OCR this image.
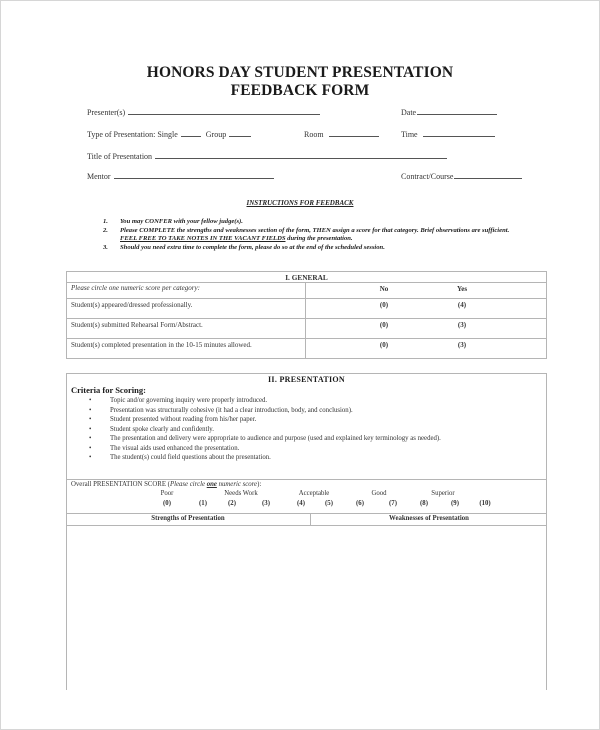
HONORS DAY STUDENT PRESENTATION
FEEDBACK FORM
Presenter(s)	Date
Type of Presentation: Single	Group	Room	Time
Title of Presentation
Mentor	Contract/Course
INSTRUCTIONS FOR FEEDBACK
1. You may CONFER with your fellow judge(s).
2. Please COMPLETE the strengths and weaknesses section of the form, THEN assign a score for that category. Brief observations are sufficient. FEEL FREE TO TAKE NOTES IN THE VACANT FIELDS during the presentation.
3. Should you need extra time to complete the form, please do so at the end of the scheduled session.
I. GENERAL	
Please circle one numeric score per category:	No Yes
Student(s) appeared/dressed professionally.	(0) (4)
Student(s) submitted Rehearsal Form/Abstract.	(0) (3)
Student(s) completed presentation in the 10-15 minutes allowed.	(0) (3)
II. PRESENTATION
Criteria for Scoring:
•	Topic and/or governing inquiry were properly introduced.
•	Presentation was structurally cohesive (it had a clear introduction, body, and conclusion).
•	Student presented without reading from his/her paper.
•	Student spoke clearly and confidently.
•	The presentation and delivery were appropriate to audience and purpose (used and explained key terminology as needed).
•	The visual aids used enhanced the presentation.
•	The student(s) could field questions about the presentation.
Overall PRESENTATION SCORE (Please circle one numeric score):
Poor	Needs Work	Acceptable	Good	Superior
(0)	(1)	(2)	(3)	(4)	(5)	(6)	(7)	(8)	(9)	(10)
Strengths of Presentation	Weaknesses of Presentation
